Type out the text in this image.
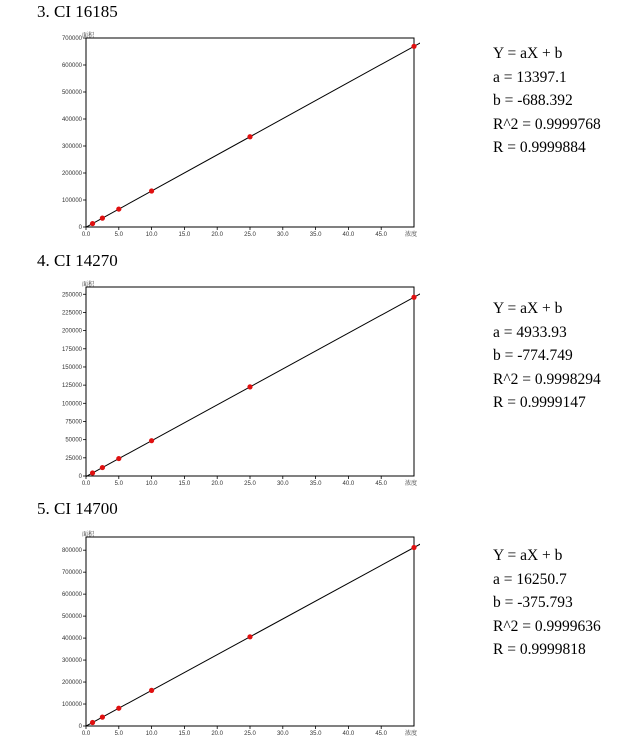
3. CI 16185
0
100000
200000
300000
400000
500000
600000
700000
0.0	5.0	10.0	15.0	20.0	25.0	30.0	35.0	40.0	45.0
面积
浓度
Y = aX + b
a = 13397.1
b = -688.392
R^2 = 0.9999768
R = 0.9999884
4. CI 14270
0
25000
50000
75000
100000
125000
150000
175000
200000
225000
250000
0.0	5.0	10.0	15.0	20.0	25.0	30.0	35.0	40.0	45.0
面积
浓度
Y = aX + b
a = 4933.93
b = -774.749
R^2 = 0.9998294
R = 0.9999147
5. CI 14700
0
100000
200000
300000
400000
500000
600000
700000
800000
0.0	5.0	10.0	15.0	20.0	25.0	30.0	35.0	40.0	45.0
面积
浓度
Y = aX + b
a = 16250.7
b = -375.793
R^2 = 0.9999636
R = 0.9999818
